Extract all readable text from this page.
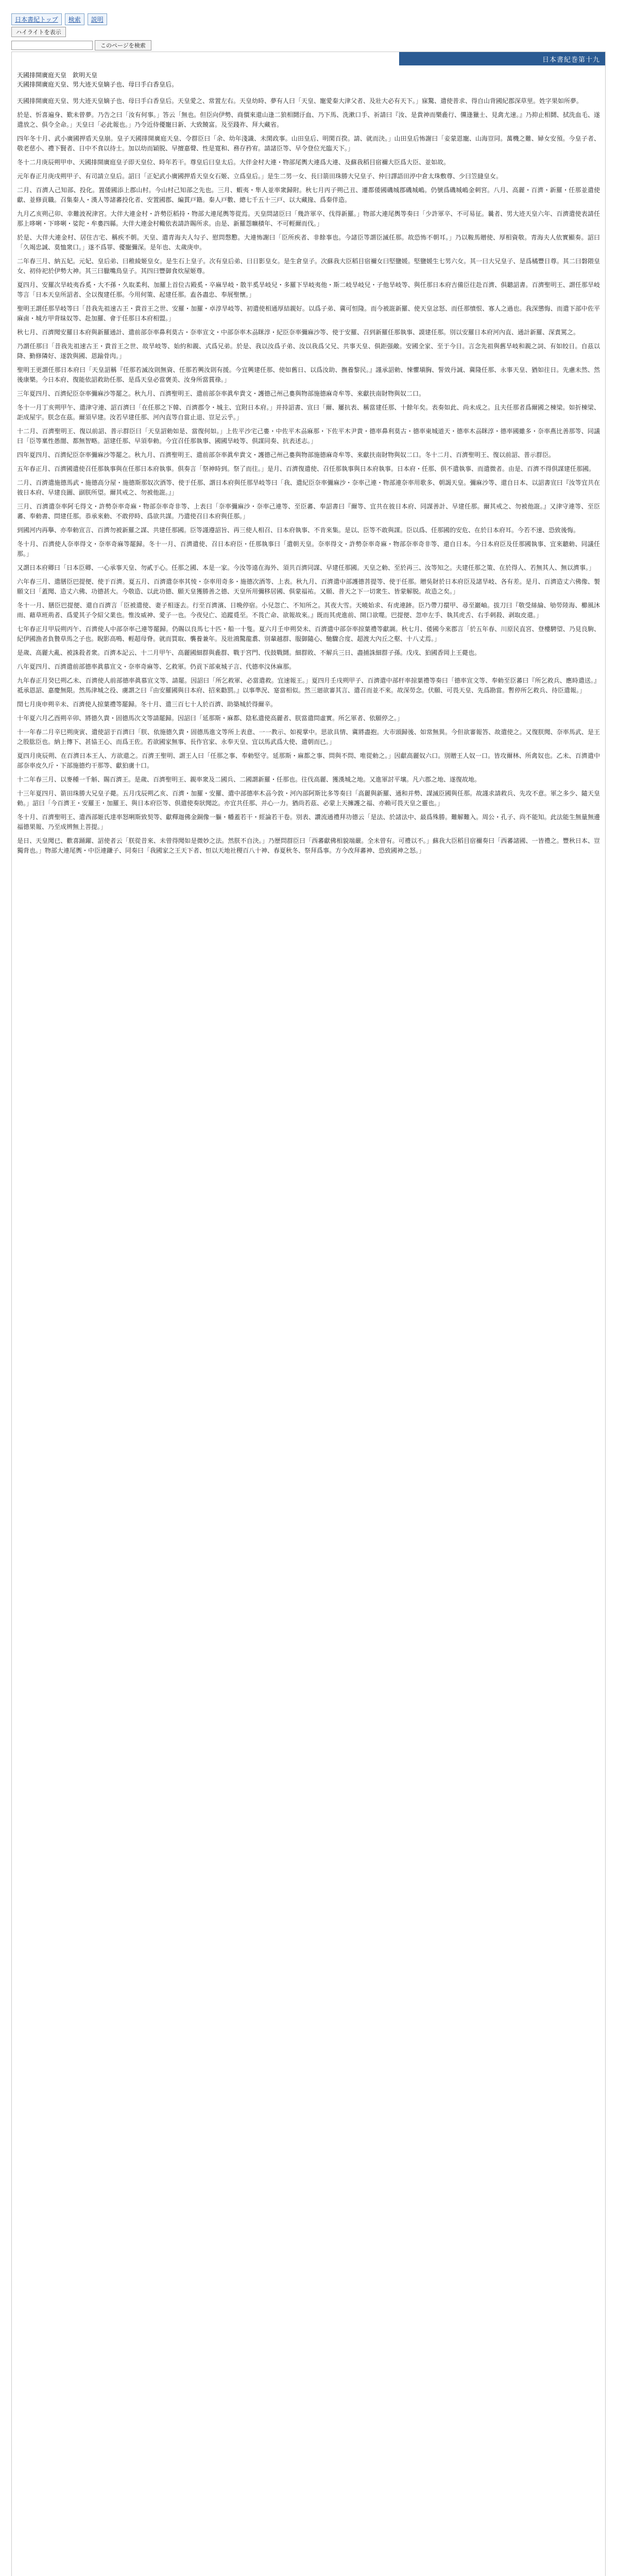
日本書紀トップ	検索	説明
ハイライトを表示
このページを検索
日本書紀巻第十九
天國排開廣庭天皇　欽明天皇
天國排開廣庭天皇、男大迹天皇嫡子也、母曰手白香皇后。

天國排開廣庭天皇、男大迹天皇嫡子也、母曰手白香皇后。天皇愛之、常置左右。天皇幼時、夢有人曰「天皇、寵愛秦大津父者、及壯大必有天下。」寐驚、遣使普求、得自山背國紀郡深草里。姓字果如所夢。

於是、忻喜遍身、歎未曾夢。乃告之曰「汝有何事。」答云「無也。但臣向伊勢、商價來還山逢二狼相鬪汙血、乃下馬、洗漱口手、祈請曰『汝、是貴神而樂麁行、儻逢獵士、見禽尤速。』乃抑止相鬪、拭洗血毛、遂遣放之、俱令全命。」天皇曰「必此報也。」乃令近侍優寵日新、大致饒富。及至踐祚、拜大藏省。

四年冬十月、武小廣國押盾天皇崩。皇子天國排開廣庭天皇、令群臣曰「余、幼年淺識、未閑政事。山田皇后、明閑百揆。請、就而決。」山田皇后怖謝曰「妾蒙恩寵、山海豈同。萬機之難、婦女安預。今皇子者、敬老慈小、禮下賢者、日中不食以待士。加以幼而穎脱、早擅嘉聲、性是寛和、務存矜宥。請諸臣等、早令登位光臨天下。」

冬十二月庚辰朔甲申、天國排開廣庭皇子即天皇位、時年若干。尊皇后曰皇太后。大伴金村大連・物部尾輿大連爲大連、及蘇我稻目宿禰大臣爲大臣、並如故。

元年春正月庚戌朔甲子、有司請立皇后。詔曰「正妃武小廣國押盾天皇女石姬、立爲皇后。」是生二男一女、長曰箭田珠勝大兄皇子、仲曰譯語田渟中倉太珠敷尊、少曰笠縫皇女。

二月、百濟人己知部、投化。置倭國添上郡山村。今山村己知部之先也。三月、蝦夷・隼人並率衆歸附。秋七月丙子朔己丑、遷都倭國磯城郡磯城嶋。仍號爲磯城嶋金刺宮。八月、高麗・百濟・新羅・任那並遣使獻、並修貢職。召集秦人・漢人等諸蕃投化者、安置國郡、編貫戸籍。秦人戸數、總七千五十三戸、以大藏掾、爲秦伴造。

九月乙亥朔己卯、幸難波祝津宮。大伴大連金村・許勢臣稻持・物部大連尾輿等從焉。天皇問諸臣曰「幾許軍卒、伐得新羅。」物部大連尾輿等奏曰「少許軍卒、不可易征。曩者、男大迹天皇六年、百濟遣使表請任那上哆唎・下哆唎・娑陀・牟婁四縣。大伴大連金村輙依表請許賜所求。由是、新羅怨曠積年、不可輕爾而伐。」

於是、大伴大連金村、居住吉宅、稱疾不朝。天皇、遣青海夫人勾子、慰問慇懃。大連怖謝曰「臣所疾者、非餘事也。今諸臣等謂臣滅任那。故恐怖不朝耳。」乃以鞍馬贈使、厚相資敬。青海夫人依實顯奏。詔曰「久竭忠誠、莫恤衆口。」遂不爲罪、優寵彌深。是年也、太歲庚申。

二年春三月、納五妃。元妃、皇后弟、曰稚綾姬皇女。是生石上皇子。次有皇后弟、曰日影皇女。是生倉皇子。次蘇我大臣稻目宿禰女曰堅鹽媛。堅鹽媛生七男六女。其一曰大兄皇子、是爲橘豐日尊。其二曰磐隈皇女、初侍祀於伊勢大神。其三曰臘嘴鳥皇子。其四曰豐御食炊屋姬尊。

夏四月、安羅次旱岐夷呑奚・大不孫・久取柔利、加羅上首位古殿奚・卒麻旱岐・散半奚旱岐兒・多羅下旱岐夷他・斯二岐旱岐兒・子他旱岐等、與任那日本府吉備臣往赴百濟、俱聽詔書。百濟聖明王、謂任那旱岐等言「日本天皇所詔者、全以復建任那。今用何策、起建任那。盍各盡忠、奉展聖懷。」

聖明王謂任那旱岐等曰「昔我先祖速古王・貴首王之世、安羅・加羅・卓淳旱岐等、初遣使相通厚結親好。以爲子弟、冀可恒隆。而今被誑新羅、使天皇忿怒、而任那憤恨、寡人之過也。我深懲悔、而遣下部中佐平麻鹵・城方甲背昧奴等、赴加羅、會于任那日本府相盟。」

秋七月、百濟聞安羅日本府與新羅通計、遣前部奈率鼻利莫古・奈率宣文・中部奈率木刕眯淳・紀臣奈率彌麻沙等、使于安羅、召到新羅任那執事、謨建任那。別以安羅日本府河內直、通計新羅、深責罵之。

乃謂任那曰「昔我先祖速古王・貴首王之世、故旱岐等、始約和親、式爲兄弟。於是、我以汝爲子弟、汝以我爲父兄、共事天皇、俱距强敵。安國全家、至于今日。言念先祖與舊旱岐和親之詞、有如皎日。自茲以降、勤修隣好、遂敦與國、恩踰骨肉。」

聖明王更謂任那日本府曰「天皇詔稱『任那若滅汝則無資、任那若興汝則有援。今宜興建任那、使如舊日、以爲汝助、撫養黎民。』謹承詔勅、悚懼塡胸、誓效丹誠、冀隆任那、永事天皇、猶如往日。先慮未然、然後康樂。今日本府、復能依詔救助任那、是爲天皇必當褒美、汝身所當賞祿。」

三年夏四月、百濟紀臣奈率彌麻沙等罷之。秋九月、百濟聖明王、遣前部奈率眞牟貴文・護德己州己婁與物部施德麻奇牟等、來獻扶南財物與奴二口。

冬十一月丁亥朔甲午、遣津守連、詔百濟曰「在任那之下韓、百濟郡令・城主、宜附日本府。」并持詔書、宣曰「爾、屢抗表、稱當建任那、十餘年矣。表奏如此、尚未成之。且夫任那者爲爾國之棟梁。如折棟梁、詎成屋宇。朕念在茲。爾須早建。汝若早建任那、河內直等自當止退、豈足云乎。」

十二月、百濟聖明王、復以前詔、普示群臣曰「天皇詔勅如是、當復何如。」上佐平沙宅己婁・中佐平木刕麻那・下佐平木尹貴・德率鼻利莫古・德率東城道天・德率木刕眯淳・德率國雖多・奈率燕比善那等、同議曰「臣等稟性愚闇、都無智略。詔建任那、早須奉勅。今宜召任那執事、國國旱岐等、倶謀同奏、抗表述志。」

四年夏四月、百濟紀臣奈率彌麻沙等罷之。秋九月、百濟聖明王、遣前部奈率眞牟貴文・護德己州己婁與物部施德麻奇牟等、來獻扶南財物與奴二口。冬十二月、百濟聖明王、復以前詔、普示群臣。

五年春正月、百濟國遣使召任那執事與在任那日本府執事。倶奏言「祭神時到。祭了而往。」是月、百濟復遣使、召任那執事與日本府執事。日本府・任那、倶不遣執事、而遣微者。由是、百濟不得倶謀建任那國。

二月、百濟遣施德馬武・施德高分屋・施德斯那奴次酒等、使于任那、謂日本府與任那旱岐等曰「我、遣紀臣奈率彌麻沙・奈率己連・物部連奈率用歌多、朝謁天皇。彌麻沙等、還自日本、以詔書宣曰『汝等宜共在彼日本府、早建良圖、副朕所望。爾其戒之、勿被他誑。』」

三月、百濟遣奈率阿乇得文・許勢奈率奇麻・物部奈率奇非等、上表曰「奈率彌麻沙・奈率己連等、至臣蕃、奉詔書曰『爾等、宜共在彼日本府、同謀善計、早建任那。爾其戒之、勿被他誑。』又津守連等、至臣蕃、奉勅書、問建任那。恭承來勅、不敢停時、爲欲共謀。乃遣使召日本府與任那。」

到國河内再擧、亦奉勅宣言、百濟勿被新羅之謀、共建任那國。臣等謹遵詔旨、再三使人相召、日本府執事、不肯來集。是以、臣等不敢與謀。臣以爲、任那國的安危、在於日本府耳。今若不速、恐致後悔。

冬十月、百濟使人奈率得文・奈率奇麻等罷歸。冬十一月、百濟遣使、召日本府臣・任那執事曰「遣朝天皇。奈率得文・許勢奈率奇麻・物部奈率奇非等、還自日本。今日本府臣及任那國執事、宜來聽勅、同議任那。」

又謂日本府卿曰「日本臣卿、一心承事天皇、勿貳于心。任那之國、本是一家。今汝等遠在海外、須共百濟同謀、早建任那國。天皇之勅、至於再三、汝等知之。夫建任那之策、在於得人、若無其人、無以濟事。」

六年春三月、遣膳臣巴提便、使于百濟。夏五月、百濟遣奈率其㥄・奈率用奇多・施德次酒等、上表。秋九月、百濟遣中部護德菩提等、使于任那。贈吳財於日本府臣及諸旱岐、各有差。是月、百濟造丈六佛像、製願文曰「蓋聞、造丈六佛、功德甚大。今敬造、以此功德、願天皇獲勝善之德、天皇所用彌移居國、俱蒙福祐。又願、普天之下一切衆生、皆蒙解脱。故造之矣。」

冬十一月、膳臣巴提便、還自百濟言「臣被遣使、妻子相逐去。行至百濟濱、日晩停宿。小兒忽亡、不知所之。其夜大雪。天曉始求、有虎連跡。臣乃帶刀擐甲、尋至巖岫。拔刀曰『敬受絲綸、劬勞陸海、櫛風沐雨、藉草班荊者、爲愛其子令紹父業也。惟汝威神、愛子一也。今夜兒亡、追蹤覓至。不畏亡命、欲報故來。』既而其虎進前、開口欲噬。巴提便、忽申左手、執其虎舌、右手刺殺、剥取皮還。」

七年春正月甲辰朔丙午、百濟使人中部奈率己連等罷歸。仍賜以良馬七十匹・船一十隻。夏六月壬申朔癸未、百濟遣中部奈率掠葉禮等獻調。秋七月、倭國今來郡言「於五年春、川原民直宮、登樓騁望、乃見良駒、紀伊國漁者負贄草馬之子也。睨影高鳴、輕超母脊。就而買取、襲養兼年。及壯鴻驚龍翥、別輩越群、服御隨心、馳驟合度、超渡大內丘之壑、十八丈焉。」

是歲、高麗大亂、被誅殺者衆。百濟本記云、十二月甲午、高麗國細群與麁群、戰于宮門、伐鼓戰鬪。細群敗、不解兵三日、盡捕誅細群子孫。戊戌、狛國香岡上王薨也。

八年夏四月、百濟遣前部德率眞慕宣文・奈率奇麻等、乞救軍。仍貢下部東城子言、代德率汶休麻那。

九年春正月癸巳朔乙未、百濟使人前部德率眞慕宣文等、請罷。因詔曰「所乞救軍、必當遣救。宜速報王。」夏四月壬戌朔甲子、百濟遣中部杆率掠葉禮等奏曰「德率宣文等、奉勅至臣蕃曰『所乞救兵、應時遣送。』祗承恩詔、嘉慶無限。然馬津城之役、虜謂之曰『由安羅國與日本府、招來勸罰。』以事準況、寔當相似。然三廻欲審其言、遣召而並不來。故深勞念。伏願、可畏天皇、先爲勘當。暫停所乞救兵、待臣遣報。」

閏七月庚申朔辛未、百濟使人掠葉禮等罷歸。冬十月、遣三百七十人於百濟、助築城於得爾辛。

十年夏六月乙酉朔辛卯、將德久貴・固德馬次文等請罷歸。因詔曰「延那斯・麻都、陰私遣使高麗者、朕當遣問虛實。所乞軍者、依願停之。」

十一年春二月辛巳朔庚寅、遣使詔于百濟曰「朕、依施德久貴・固德馬進文等所上表意、一一教示、如視掌中。思欲具情、冀將盡抱。大市頭歸後、如常無異。今但欲審報答、故遣使之。又復朕聞、奈率馬武、是王之股肱臣也。納上傳下、甚協王心、而爲王佐。若欲國家無事、長作官家、永奉天皇、宜以馬武爲大使、遣朝而已。」

夏四月庚辰朔、在百濟日本王人、方欲還之。百濟王聖明、謂王人曰「任那之事、奉勅堅守。延那斯・麻都之事、問與不問、唯從勅之。」因獻高麗奴六口。別贈王人奴一口。皆攻爾林、所禽奴也。乙未、百濟遣中部奈率皮久斤・下部施德灼干那等、獻狛虜十口。

十二年春三月、以麥種一千斛、賜百濟王。是歲、百濟聖明王、親率衆及二國兵、二國謂新羅・任那也。往伐高麗、獲漢城之地。又進軍討平壤。凡六郡之地、遂復故地。

十三年夏四月、箭田珠勝大兄皇子薨。五月戊辰朔乙亥、百濟・加羅・安羅、遣中部德率木刕今敦・河內部阿斯比多等奏曰「高麗與新羅、通和并勢、謀滅臣國與任那。故謹求請救兵、先攻不意。軍之多少、隨天皇勅。」詔曰「今百濟王・安羅王・加羅王、與日本府臣等、倶遣使奏狀聞訖。亦宜共任那、并心一力。猶尚若茲、必蒙上天擁護之福、亦賴可畏天皇之靈也。」

冬十月、百濟聖明王、遣西部姬氏達率怒唎斯致契等、獻釋迦佛金銅像一軀・幡蓋若干・經論若干卷。別表、讚流通禮拜功德云「是法、於諸法中、最爲殊勝。難解難入。周公・孔子、尚不能知。此法能生無量無邊福德果報、乃至成辨無上菩提。」

是日、天皇聞已、歡喜踊躍、詔使者云「朕從昔來、未曾得聞如是微妙之法。然朕不自決。」乃歷問群臣曰「西蕃獻佛相貌端嚴。全未曾有。可禮以不。」蘇我大臣稻目宿禰奏曰「西蕃諸國、一皆禮之。豐秋日本、豈獨背也。」物部大連尾輿・中臣連鎌子、同奏曰「我國家之王天下者、恒以天地社稷百八十神、春夏秋冬、祭拜爲事。方今改拜蕃神、恐致國神之怒。」
